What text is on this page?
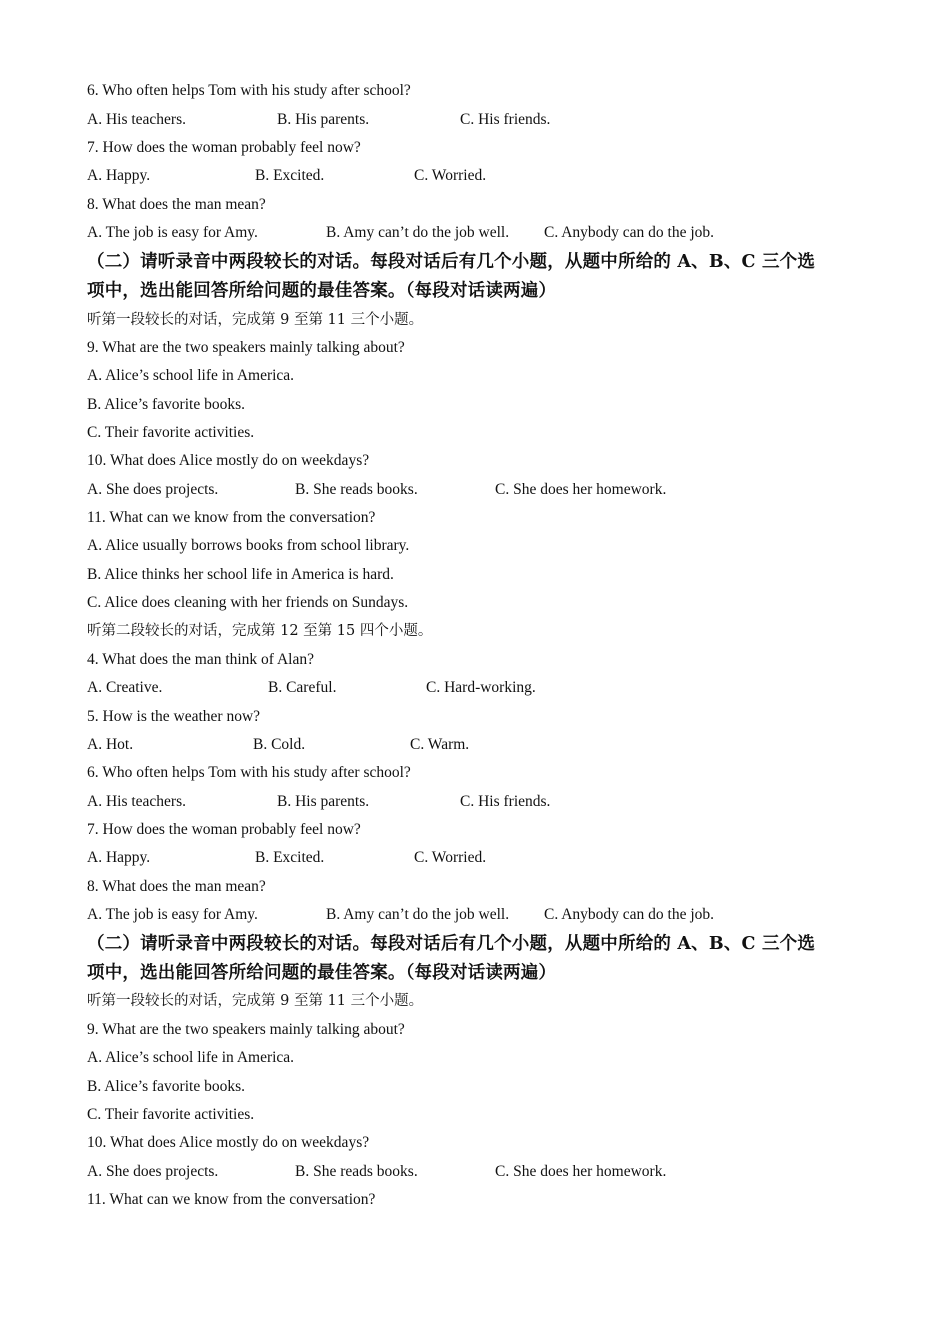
6. Who often helps Tom with his study after school?
A. His teachers.	B. His parents.	C. His friends.
7. How does the woman probably feel now?
A. Happy.	B. Excited.	C. Worried.
8. What does the man mean?
A. The job is easy for Amy.	B. Amy can’t do the job well. C. Anybody can do the job.
（二）请听录音中两段较长的对话。每段对话后有几个小题，从题中所给的 A、B、C 三个选
项中，选出能回答所给问题的最佳答案。（每段对话读两遍）
听第一段较长的对话，完成第 9 至第 11 三个小题。
9. What are the two speakers mainly talking about?
A. Alice’s school life in America.
B. Alice’s favorite books.
C. Their favorite activities.
10. What does Alice mostly do on weekdays?
A. She does projects.	B. She reads books.	C. She does her homework.
11. What can we know from the conversation?
A. Alice usually borrows books from school library.
B. Alice thinks her school life in America is hard.
C. Alice does cleaning with her friends on Sundays.
听第二段较长的对话，完成第 12 至第 15 四个小题。
4. What does the man think of Alan?
A. Creative.	B. Careful.	C. Hard-working.
5. How is the weather now?
A. Hot.	B. Cold.	C. Warm.
6. Who often helps Tom with his study after school?
A. His teachers.	B. His parents.	C. His friends.
7. How does the woman probably feel now?
A. Happy.	B. Excited.	C. Worried.
8. What does the man mean?
A. The job is easy for Amy.	B. Amy can’t do the job well. C. Anybody can do the job.
（二）请听录音中两段较长的对话。每段对话后有几个小题，从题中所给的 A、B、C 三个选
项中，选出能回答所给问题的最佳答案。（每段对话读两遍）
听第一段较长的对话，完成第 9 至第 11 三个小题。
9. What are the two speakers mainly talking about?
A. Alice’s school life in America.
B. Alice’s favorite books.
C. Their favorite activities.
10. What does Alice mostly do on weekdays?
A. She does projects.	B. She reads books.	C. She does her homework.
11. What can we know from the conversation?
